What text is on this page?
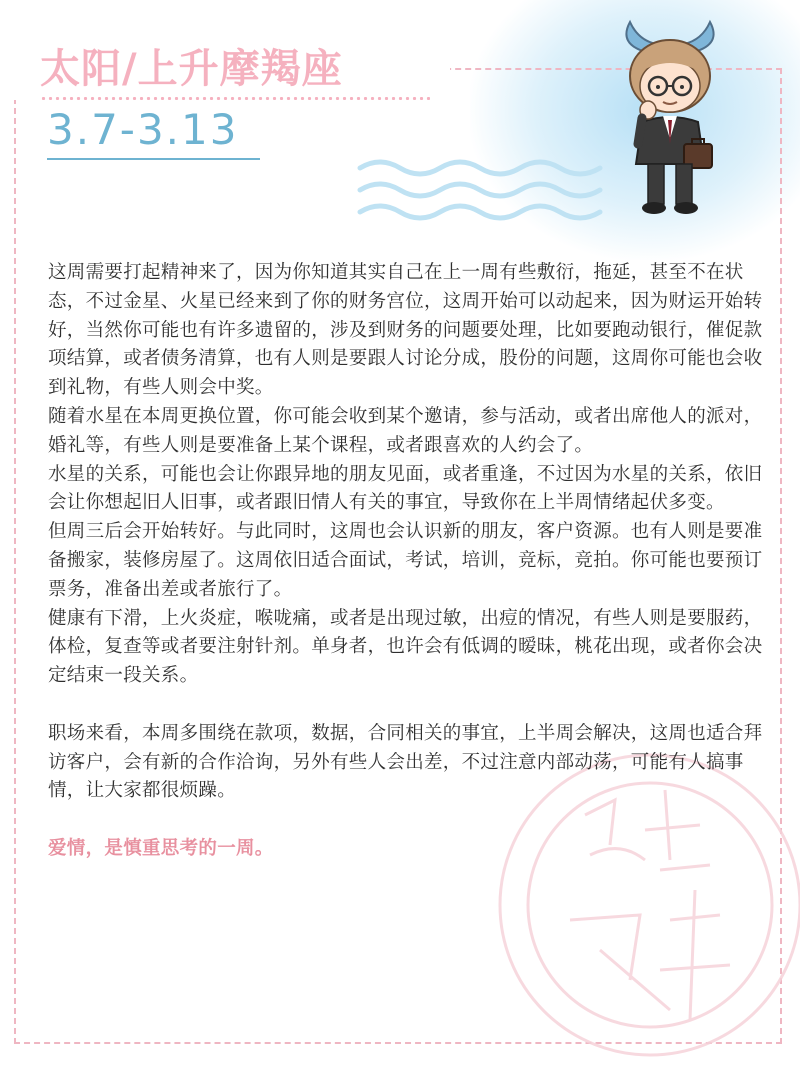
太阳/上升摩羯座
3.7-3.13

这周需要打起精神来了，因为你知道其实自己在上一周有些敷衍，拖延，甚至不在状态，不过金星、火星已经来到了你的财务宫位，这周开始可以动起来，因为财运开始转好，当然你可能也有许多遗留的，涉及到财务的问题要处理，比如要跑动银行，催促款项结算，或者债务清算，也有人则是要跟人讨论分成，股份的问题，这周你可能也会收到礼物，有些人则会中奖。

随着水星在本周更换位置，你可能会收到某个邀请，参与活动，或者出席他人的派对，婚礼等，有些人则是要准备上某个课程，或者跟喜欢的人约会了。

水星的关系，可能也会让你跟异地的朋友见面，或者重逢，不过因为水星的关系，依旧会让你想起旧人旧事，或者跟旧情人有关的事宜，导致你在上半周情绪起伏多变。

但周三后会开始转好。与此同时，这周也会认识新的朋友，客户资源。也有人则是要准备搬家，装修房屋了。这周依旧适合面试，考试，培训，竞标，竞拍。你可能也要预订票务，准备出差或者旅行了。

健康有下滑，上火炎症，喉咙痛，或者是出现过敏，出痘的情况，有些人则是要服药，体检，复查等或者要注射针剂。单身者，也许会有低调的暧昧，桃花出现，或者你会决定结束一段关系。

职场来看，本周多围绕在款项，数据，合同相关的事宜，上半周会解决，这周也适合拜访客户，会有新的合作洽询，另外有些人会出差，不过注意内部动荡，可能有人搞事情，让大家都很烦躁。

爱情，是慎重思考的一周。
